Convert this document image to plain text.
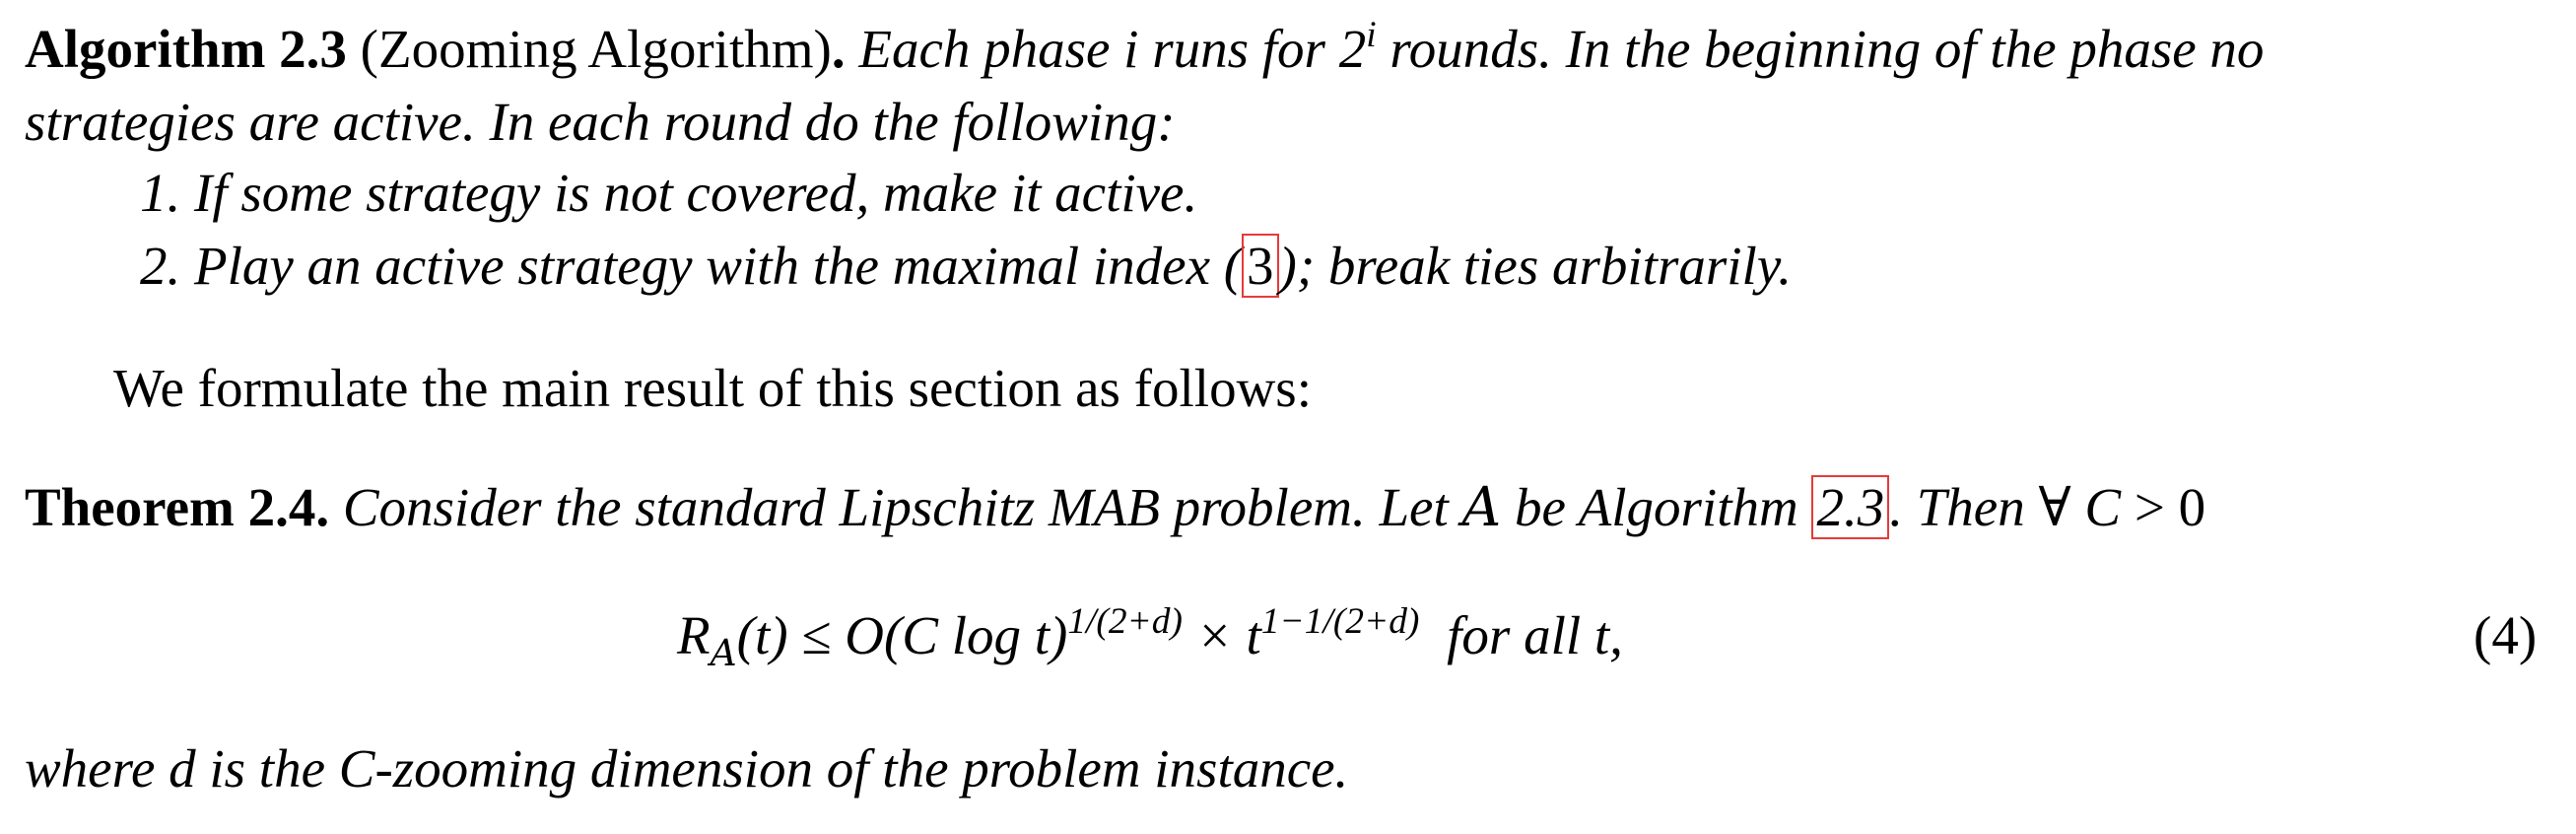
Algorithm 2.3 (Zooming Algorithm). Each phase i runs for 2$^i$ rounds. In the beginning of the phase no
strategies are active. In each round do the following:
1. If some strategy is not covered, make it active.
2. Play an active strategy with the maximal index (3); break ties arbitrarily.
We formulate the main result of this section as follows:
Theorem 2.4. Consider the standard Lipschitz MAB problem. Let A be Algorithm 2.3. Then ∀ C > 0
$R_A(t) \le O(C$ $\log t)^{1/(2+d)} \times t^{1-1/(2+d)}$ for all t,	(4)
where d is the C-zooming dimension of the problem instance.
